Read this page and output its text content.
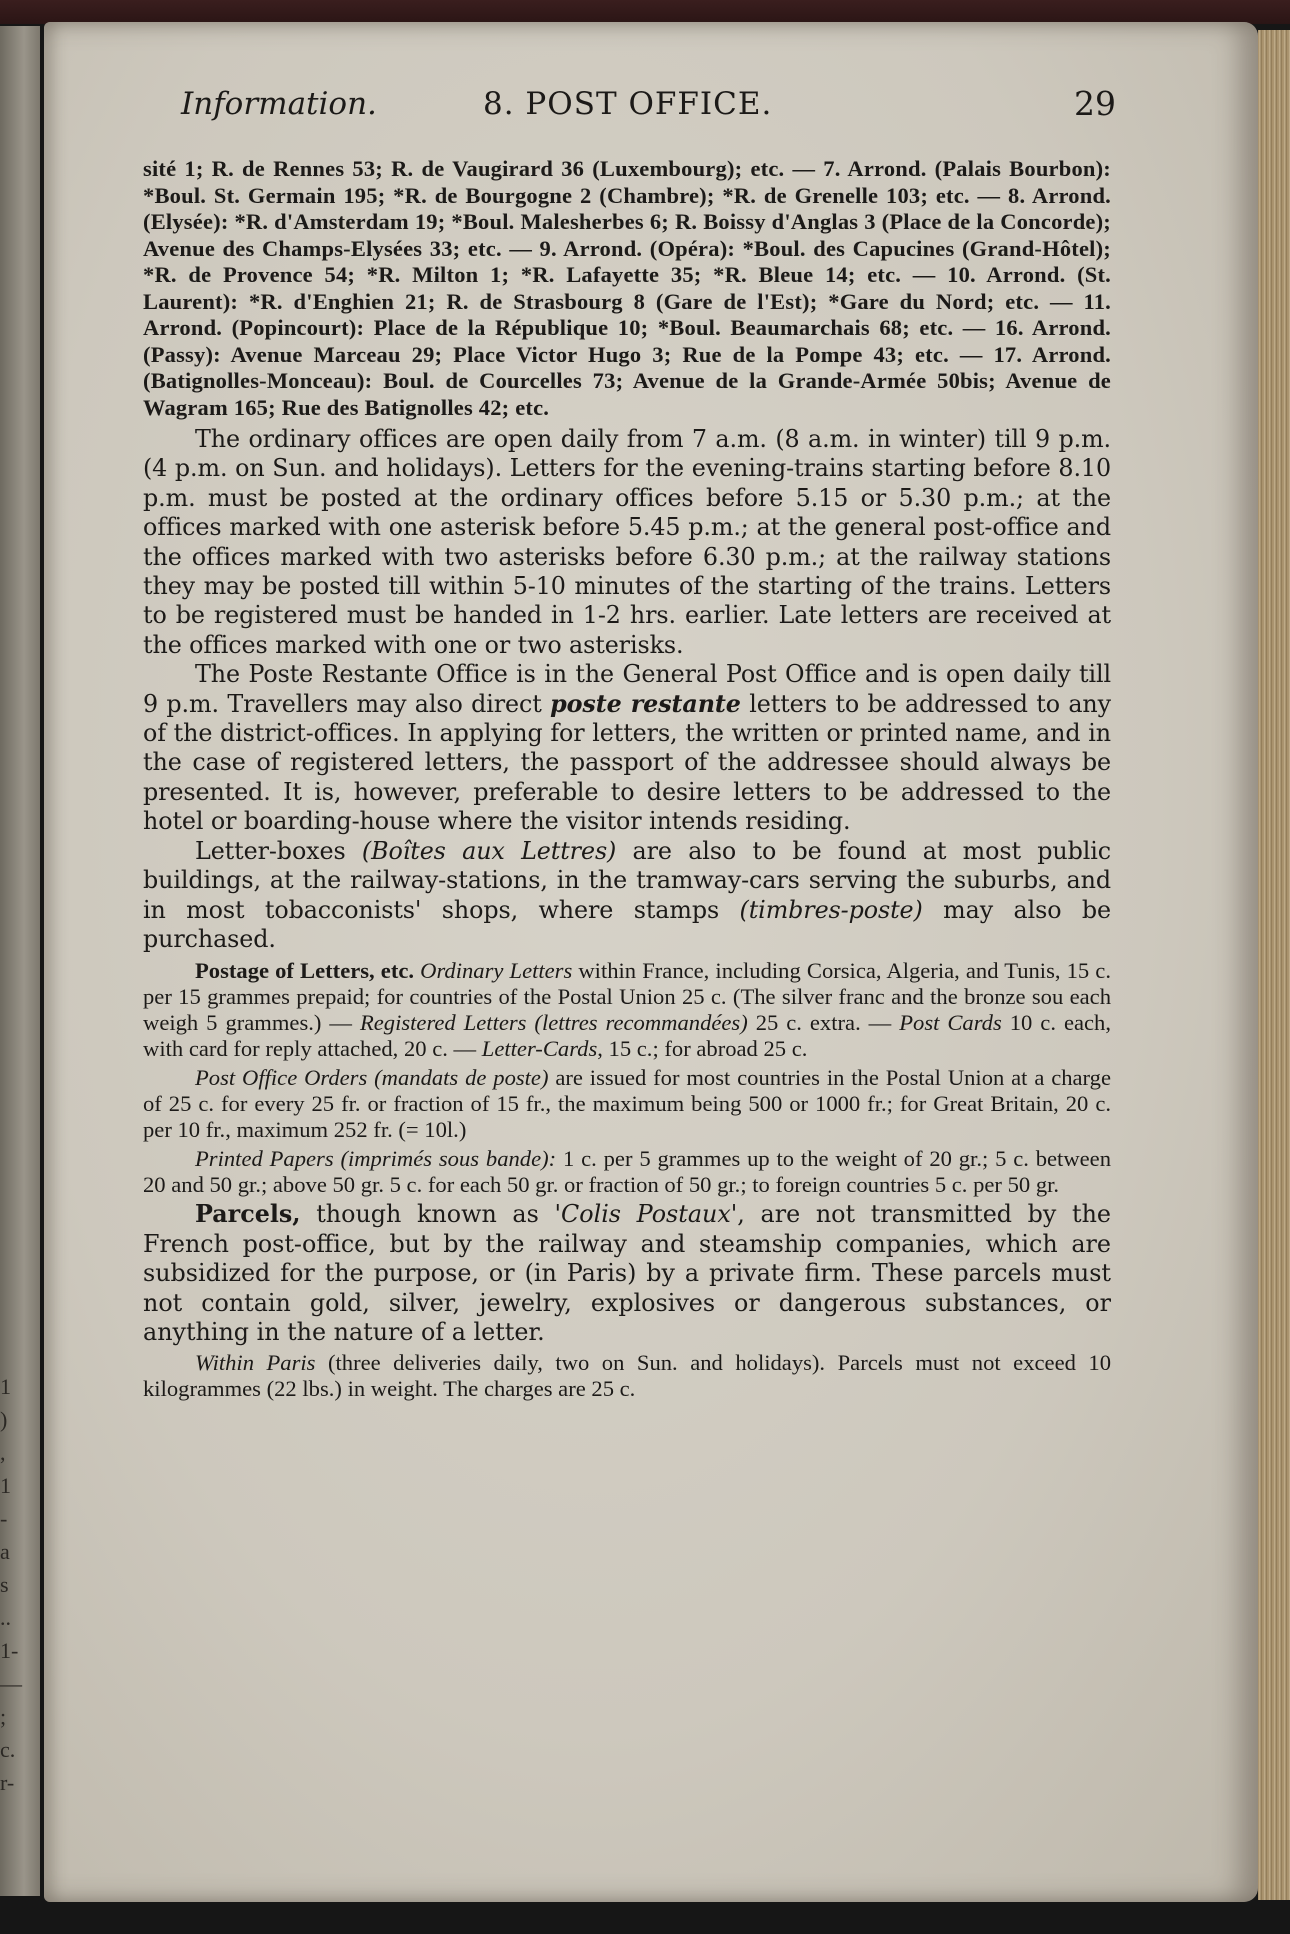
1
)
,
1
-
a
s
..
1-
—
;
c.
r-
Information.	8. POST OFFICE.	29

sité 1; R. de Rennes 53; R. de Vaugirard 36 (Luxembourg); etc. — 7. Arrond. (Palais Bourbon): *Boul. St. Germain 195; *R. de Bourgogne 2 (Chambre); *R. de Grenelle 103; etc. — 8. Arrond. (Elysée): *R. d'Amsterdam 19; *Boul. Malesherbes 6; R. Boissy d'Anglas 3 (Place de la Concorde); Avenue des Champs-Elysées 33; etc. — 9. Arrond. (Opéra): *Boul. des Capucines (Grand-Hôtel); *R. de Provence 54; *R. Milton 1; *R. Lafayette 35; *R. Bleue 14; etc. — 10. Arrond. (St. Laurent): *R. d'Enghien 21; R. de Strasbourg 8 (Gare de l'Est); *Gare du Nord; etc. — 11. Arrond. (Popincourt): Place de la République 10; *Boul. Beaumarchais 68; etc. — 16. Arrond. (Passy): Avenue Marceau 29; Place Victor Hugo 3; Rue de la Pompe 43; etc. — 17. Arrond. (Batignolles-Monceau): Boul. de Courcelles 73; Avenue de la Grande-Armée 50bis; Avenue de Wagram 165; Rue des Batignolles 42; etc.

The ordinary offices are open daily from 7 a.m. (8 a.m. in winter) till 9 p.m. (4 p.m. on Sun. and holidays). Letters for the evening-trains starting before 8.10 p.m. must be posted at the ordinary offices before 5.15 or 5.30 p.m.; at the offices marked with one asterisk before 5.45 p.m.; at the general post-office and the offices marked with two asterisks before 6.30 p.m.; at the railway stations they may be posted till within 5-10 minutes of the starting of the trains. Letters to be registered must be handed in 1-2 hrs. earlier. Late letters are received at the offices marked with one or two asterisks.

The Poste Restante Office is in the General Post Office and is open daily till 9 p.m. Travellers may also direct poste restante letters to be addressed to any of the district-offices. In applying for letters, the written or printed name, and in the case of registered letters, the passport of the addressee should always be presented. It is, however, preferable to desire letters to be addressed to the hotel or boarding-house where the visitor intends residing.

Letter-boxes (Boîtes aux Lettres) are also to be found at most public buildings, at the railway-stations, in the tramway-cars serving the suburbs, and in most tobacconists' shops, where stamps (timbres-poste) may also be purchased.

Postage of Letters, etc. Ordinary Letters within France, including Corsica, Algeria, and Tunis, 15 c. per 15 grammes prepaid; for countries of the Postal Union 25 c. (The silver franc and the bronze sou each weigh 5 grammes.) — Registered Letters (lettres recommandées) 25 c. extra. — Post Cards 10 c. each, with card for reply attached, 20 c. — Letter-Cards, 15 c.; for abroad 25 c.

Post Office Orders (mandats de poste) are issued for most countries in the Postal Union at a charge of 25 c. for every 25 fr. or fraction of 15 fr., the maximum being 500 or 1000 fr.; for Great Britain, 20 c. per 10 fr., maximum 252 fr. (= 10l.)

Printed Papers (imprimés sous bande): 1 c. per 5 grammes up to the weight of 20 gr.; 5 c. between 20 and 50 gr.; above 50 gr. 5 c. for each 50 gr. or fraction of 50 gr.; to foreign countries 5 c. per 50 gr.

Parcels, though known as 'Colis Postaux', are not transmitted by the French post-office, but by the railway and steamship companies, which are subsidized for the purpose, or (in Paris) by a private firm. These parcels must not contain gold, silver, jewelry, explosives or dangerous substances, or anything in the nature of a letter.

Within Paris (three deliveries daily, two on Sun. and holidays). Parcels must not exceed 10 kilogrammes (22 lbs.) in weight. The charges are 25 c.
